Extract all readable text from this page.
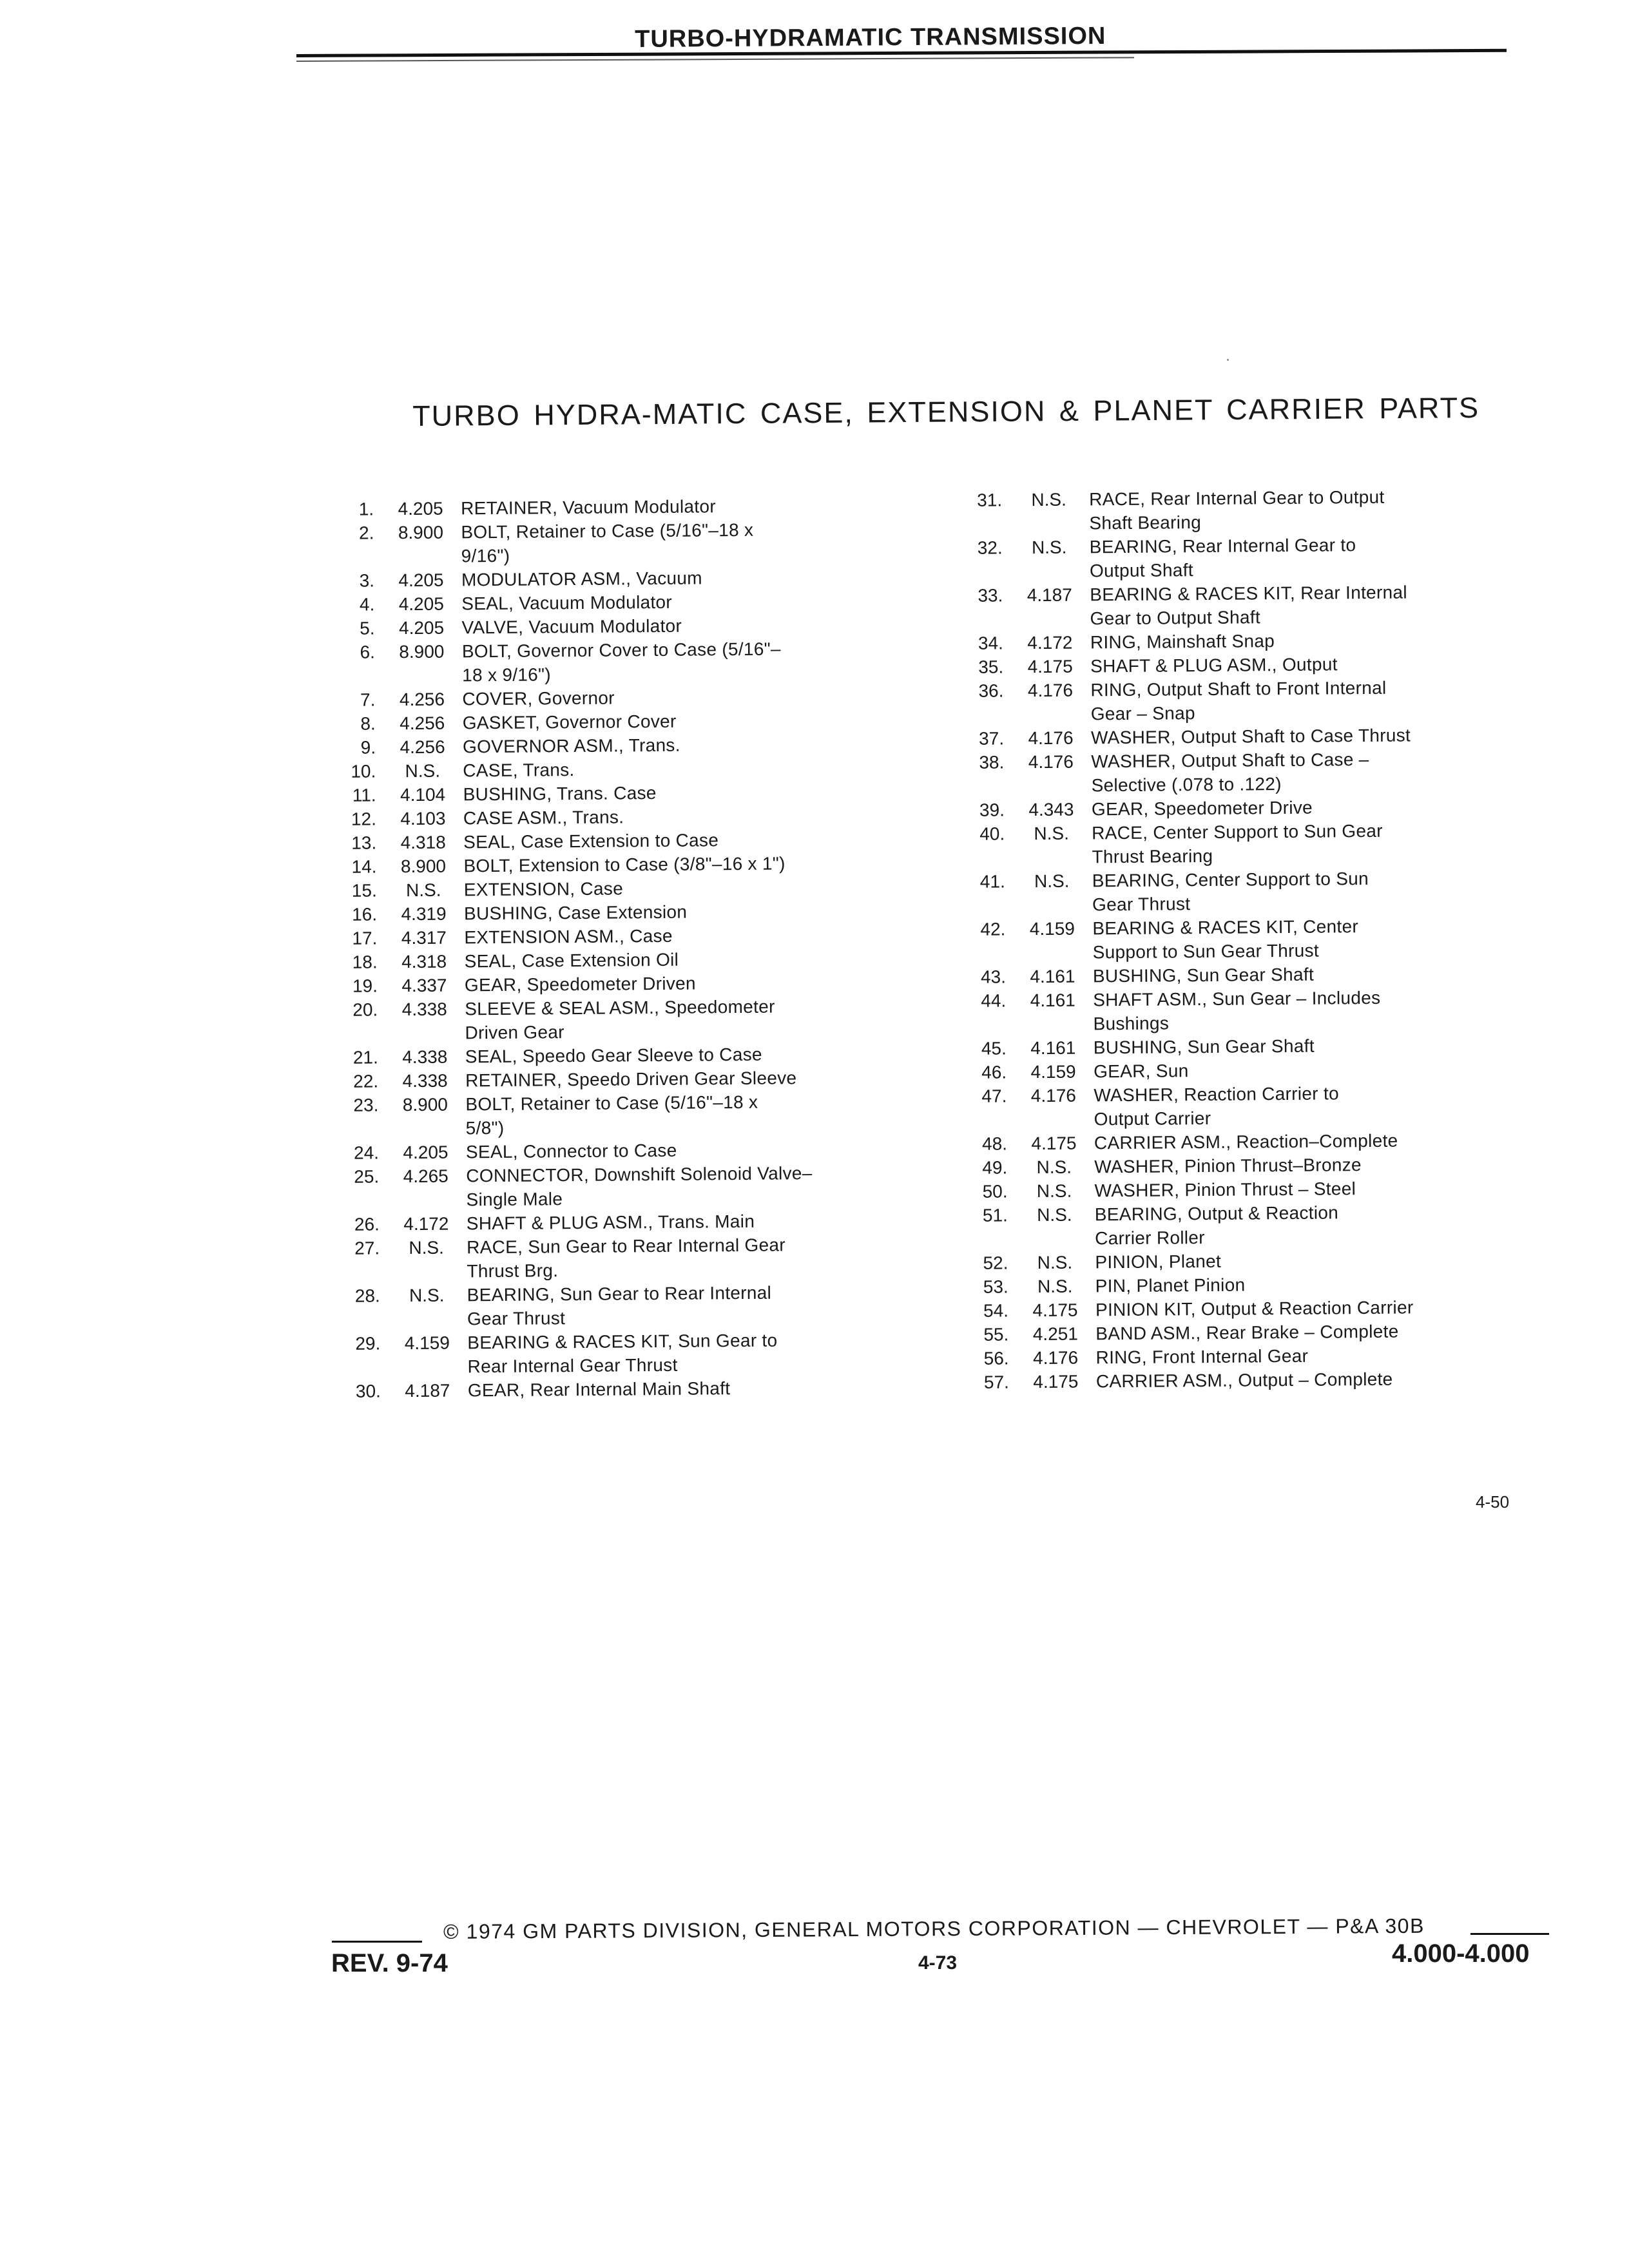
TURBO-HYDRAMATIC TRANSMISSION
TURBO HYDRA-MATIC CASE, EXTENSION & PLANET CARRIER PARTS
1.	4.205 RETAINER, Vacuum Modulator
2.	8.900 BOLT, Retainer to Case (5/16"–18 x
9/16")
3.	4.205 MODULATOR ASM., Vacuum
4.	4.205 SEAL, Vacuum Modulator
5.	4.205 VALVE, Vacuum Modulator
6.	8.900 BOLT, Governor Cover to Case (5/16"–
18 x 9/16")
7.	4.256 COVER, Governor
8.	4.256 GASKET, Governor Cover
9.	4.256 GOVERNOR ASM., Trans.
10.	N.S.	CASE, Trans.
11.	4.104 BUSHING, Trans. Case
12.	4.103 CASE ASM., Trans.
13.	4.318 SEAL, Case Extension to Case
14.	8.900 BOLT, Extension to Case (3/8"–16 x 1")
15.	N.S.	EXTENSION, Case
16.	4.319 BUSHING, Case Extension
17.	4.317 EXTENSION ASM., Case
18.	4.318 SEAL, Case Extension Oil
19.	4.337 GEAR, Speedometer Driven
20.	4.338 SLEEVE & SEAL ASM., Speedometer
Driven Gear
21.	4.338 SEAL, Speedo Gear Sleeve to Case
22.	4.338 RETAINER, Speedo Driven Gear Sleeve
23.	8.900 BOLT, Retainer to Case (5/16"–18 x
5/8")
24.	4.205 SEAL, Connector to Case
25.	4.265 CONNECTOR, Downshift Solenoid Valve–
Single Male
26.	4.172 SHAFT & PLUG ASM., Trans. Main
27.	N.S.	RACE, Sun Gear to Rear Internal Gear
Thrust Brg.
28.	N.S.	BEARING, Sun Gear to Rear Internal
Gear Thrust
29.	4.159 BEARING & RACES KIT, Sun Gear to
Rear Internal Gear Thrust
30.	4.187 GEAR, Rear Internal Main Shaft
31.	N.S.	RACE, Rear Internal Gear to Output
Shaft Bearing
32.	N.S.	BEARING, Rear Internal Gear to
Output Shaft
33.	4.187 BEARING & RACES KIT, Rear Internal
Gear to Output Shaft
34.	4.172 RING, Mainshaft Snap
35.	4.175 SHAFT & PLUG ASM., Output
36.	4.176 RING, Output Shaft to Front Internal
Gear – Snap
37.	4.176 WASHER, Output Shaft to Case Thrust
38.	4.176 WASHER, Output Shaft to Case –
Selective (.078 to .122)
39.	4.343 GEAR, Speedometer Drive
40.	N.S.	RACE, Center Support to Sun Gear
Thrust Bearing
41.	N.S.	BEARING, Center Support to Sun
Gear Thrust
42.	4.159 BEARING & RACES KIT, Center
Support to Sun Gear Thrust
43.	4.161 BUSHING, Sun Gear Shaft
44.	4.161 SHAFT ASM., Sun Gear – Includes
Bushings
45.	4.161 BUSHING, Sun Gear Shaft
46.	4.159 GEAR, Sun
47.	4.176 WASHER, Reaction Carrier to
Output Carrier
48.	4.175 CARRIER ASM., Reaction–Complete
49.	N.S.	WASHER, Pinion Thrust–Bronze
50.	N.S.	WASHER, Pinion Thrust – Steel
51.	N.S.	BEARING, Output & Reaction
Carrier Roller
52.	N.S.	PINION, Planet
53.	N.S.	PIN, Planet Pinion
54.	4.175 PINION KIT, Output & Reaction Carrier
55.	4.251 BAND ASM., Rear Brake – Complete
56.	4.176 RING, Front Internal Gear
57.	4.175 CARRIER ASM., Output – Complete
4-50
© 1974 GM PARTS DIVISION, GENERAL MOTORS CORPORATION — CHEVROLET — P&A 30B
REV. 9-74	4-73	4.000-4.000
